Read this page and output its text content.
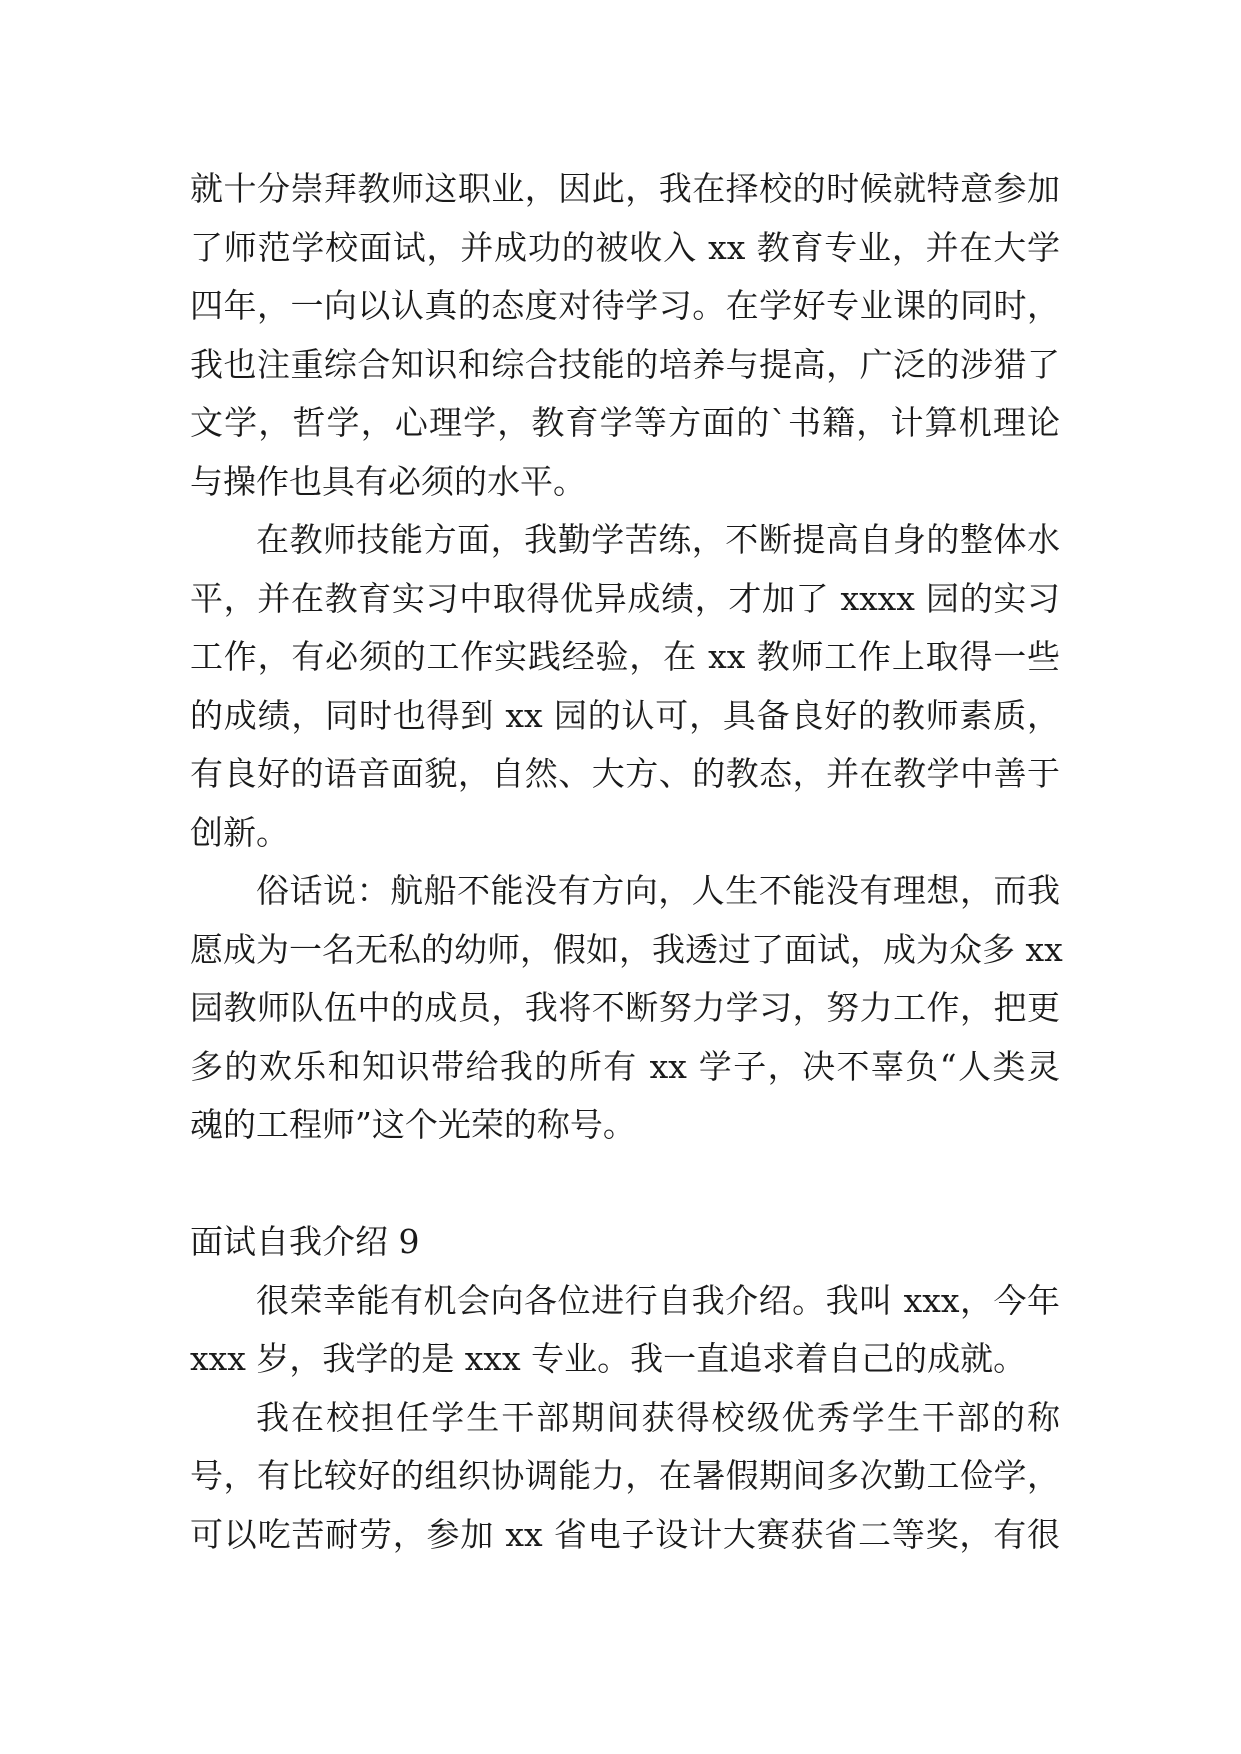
就十分崇拜教师这职业，因此，我在择校的时候就特意参加
了师范学校面试，并成功的被收入 xx 教育专业，并在大学
四年，一向以认真的态度对待学习。在学好专业课的同时，
我也注重综合知识和综合技能的培养与提高，广泛的涉猎了
文学，哲学，心理学，教育学等方面的`书籍，计算机理论
与操作也具有必须的水平。
在教师技能方面，我勤学苦练，不断提高自身的整体水
平，并在教育实习中取得优异成绩，才加了 xxxx 园的实习
工作，有必须的工作实践经验，在 xx 教师工作上取得一些
的成绩，同时也得到 xx 园的认可，具备良好的教师素质，
有良好的语音面貌，自然、大方、的教态，并在教学中善于
创新。
俗话说：航船不能没有方向，人生不能没有理想，而我
愿成为一名无私的幼师，假如，我透过了面试，成为众多 xx
园教师队伍中的成员，我将不断努力学习，努力工作，把更
多的欢乐和知识带给我的所有 xx 学子，决不辜负“人类灵
魂的工程师”这个光荣的称号。
面试自我介绍 9
很荣幸能有机会向各位进行自我介绍。我叫 xxx，今年
xxx 岁，我学的是 xxx 专业。我一直追求着自己的成就。
我在校担任学生干部期间获得校级优秀学生干部的称
号，有比较好的组织协调能力，在暑假期间多次勤工俭学，
可以吃苦耐劳，参加 xx 省电子设计大赛获省二等奖，有很
